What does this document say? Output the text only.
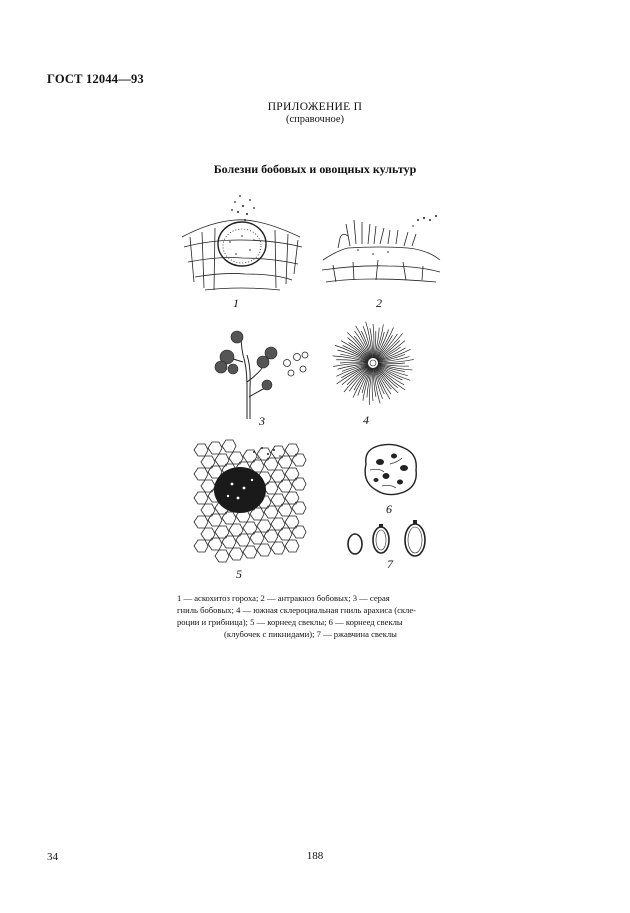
ГОСТ 12044—93
ПРИЛОЖЕНИЕ П
(справочное)
Болезни бобовых и овощных культур
1	2
3	4
5
6
7
1 — аскохитоз гороха; 2 — антракноз бобовых; 3 — серая
гниль бобовых; 4 — южная склероциальная гниль арахиса (скле-
роции и грибница); 5 — корнеед свеклы; 6 — корнеед свеклы
(клубочек с пикнидами); 7 — ржавчина свеклы
34	188
